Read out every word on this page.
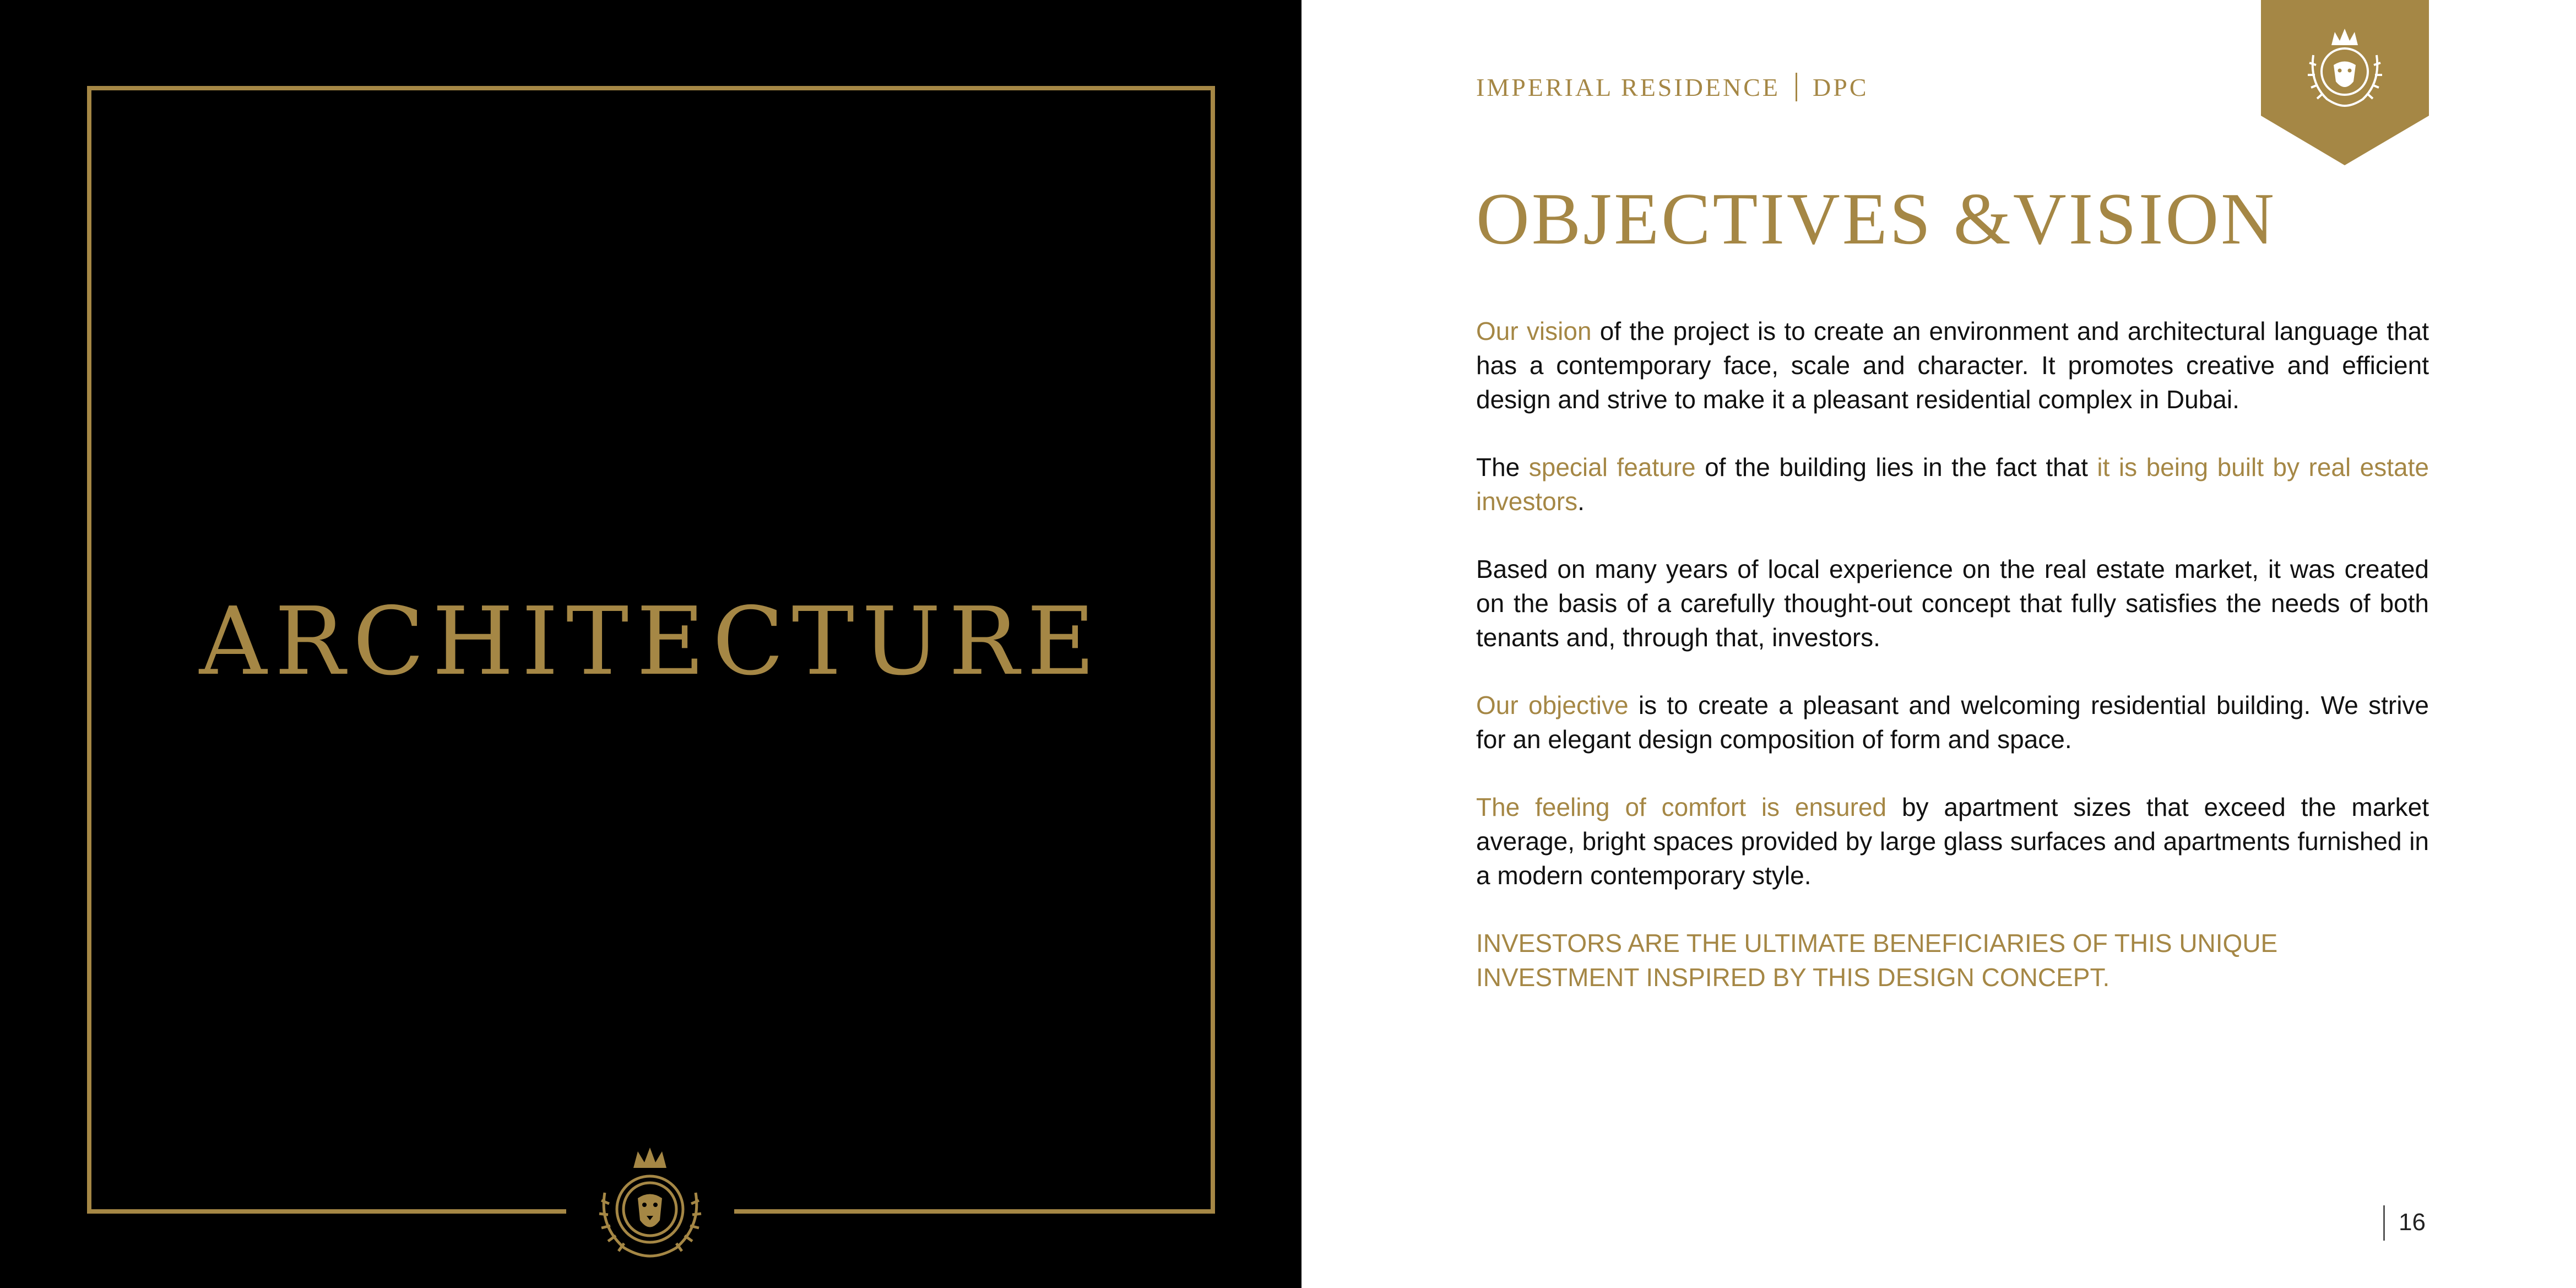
ARCHITECTURE
IMPERIAL RESIDENCE DPC
OBJECTIVES &VISION

Our vision of the project is to create an environment and architectural language that has a contemporary face, scale and character. It promotes creative and efficient design and strive to make it a pleasant residential complex in Dubai.

The special feature of the building lies in the fact that it is being built by real estate investors.

Based on many years of local experience on the real estate market, it was created on the basis of a carefully thought-out concept that fully satisfies the needs of both tenants and, through that, investors.

Our objective is to create a pleasant and welcoming residential building. We strive for an elegant design composition of form and space.

The feeling of comfort is ensured by apartment sizes that exceed the market average, bright spaces provided by large glass surfaces and apartments furnished in a modern contemporary style.

INVESTORS ARE THE ULTIMATE BENEFICIARIES OF THIS UNIQUE INVESTMENT INSPIRED BY THIS DESIGN CONCEPT.

16
